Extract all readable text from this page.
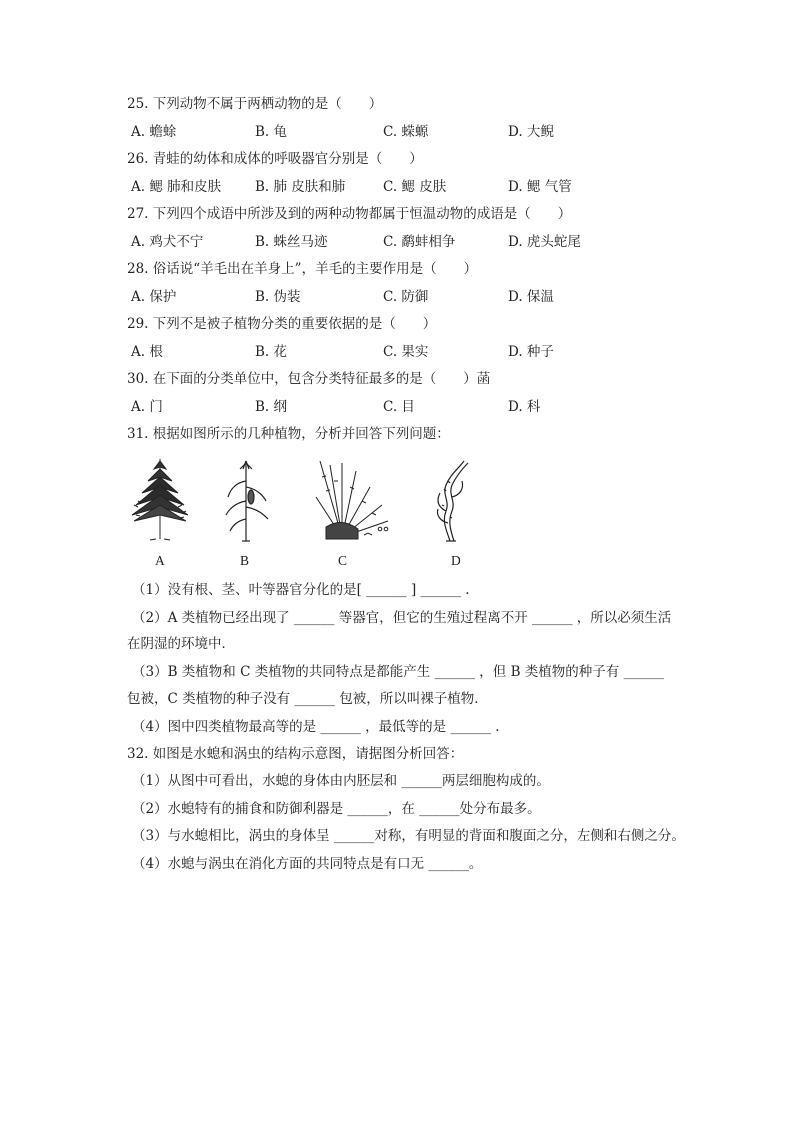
25. 下列动物不属于两栖动物的是（　　）
A. 蟾蜍	B. 龟	C. 蝾螈	D. 大鲵
26. 青蛙的幼体和成体的呼吸器官分别是（　　）
A. 鳃 肺和皮肤	B. 肺 皮肤和肺	C. 鳃 皮肤	D. 鳃 气管
27. 下列四个成语中所涉及到的两种动物都属于恒温动物的成语是（　　）
A. 鸡犬不宁	B. 蛛丝马迹	C. 鹬蚌相争	D. 虎头蛇尾
28. 俗话说“羊毛出在羊身上”，羊毛的主要作用是（　　）
A. 保护	B. 伪装	C. 防御	D. 保温
29. 下列不是被子植物分类的重要依据的是（　　）
A. 根	B. 花	C. 果实	D. 种子
30. 在下面的分类单位中，包含分类特征最多的是（　　）菡
A. 门	B. 纲	C. 目	D. 科
31. 根据如图所示的几种植物，分析并回答下列问题：
A	B	C	D
（1）没有根、茎、叶等器官分化的是[ ______ ] ______ .
（2）A 类植物已经出现了 ______ 等器官，但它的生殖过程离不开 ______ ，所以必须生活
在阴湿的环境中．
（3）B 类植物和 C 类植物的共同特点是都能产生 ______ ，但 B 类植物的种子有 ______
包被，C 类植物的种子没有 ______ 包被，所以叫裸子植物．
（4）图中四类植物最高等的是 ______ ，最低等的是 ______ .
32. 如图是水螅和涡虫的结构示意图，请据图分析回答：
（1）从图中可看出，水螅的身体由内胚层和 ______两层细胞构成的。
（2）水螅特有的捕食和防御利器是 ______，在 ______处分布最多。
（3）与水螅相比，涡虫的身体呈 ______对称，有明显的背面和腹面之分，左侧和右侧之分。
（4）水螅与涡虫在消化方面的共同特点是有口无 ______。
